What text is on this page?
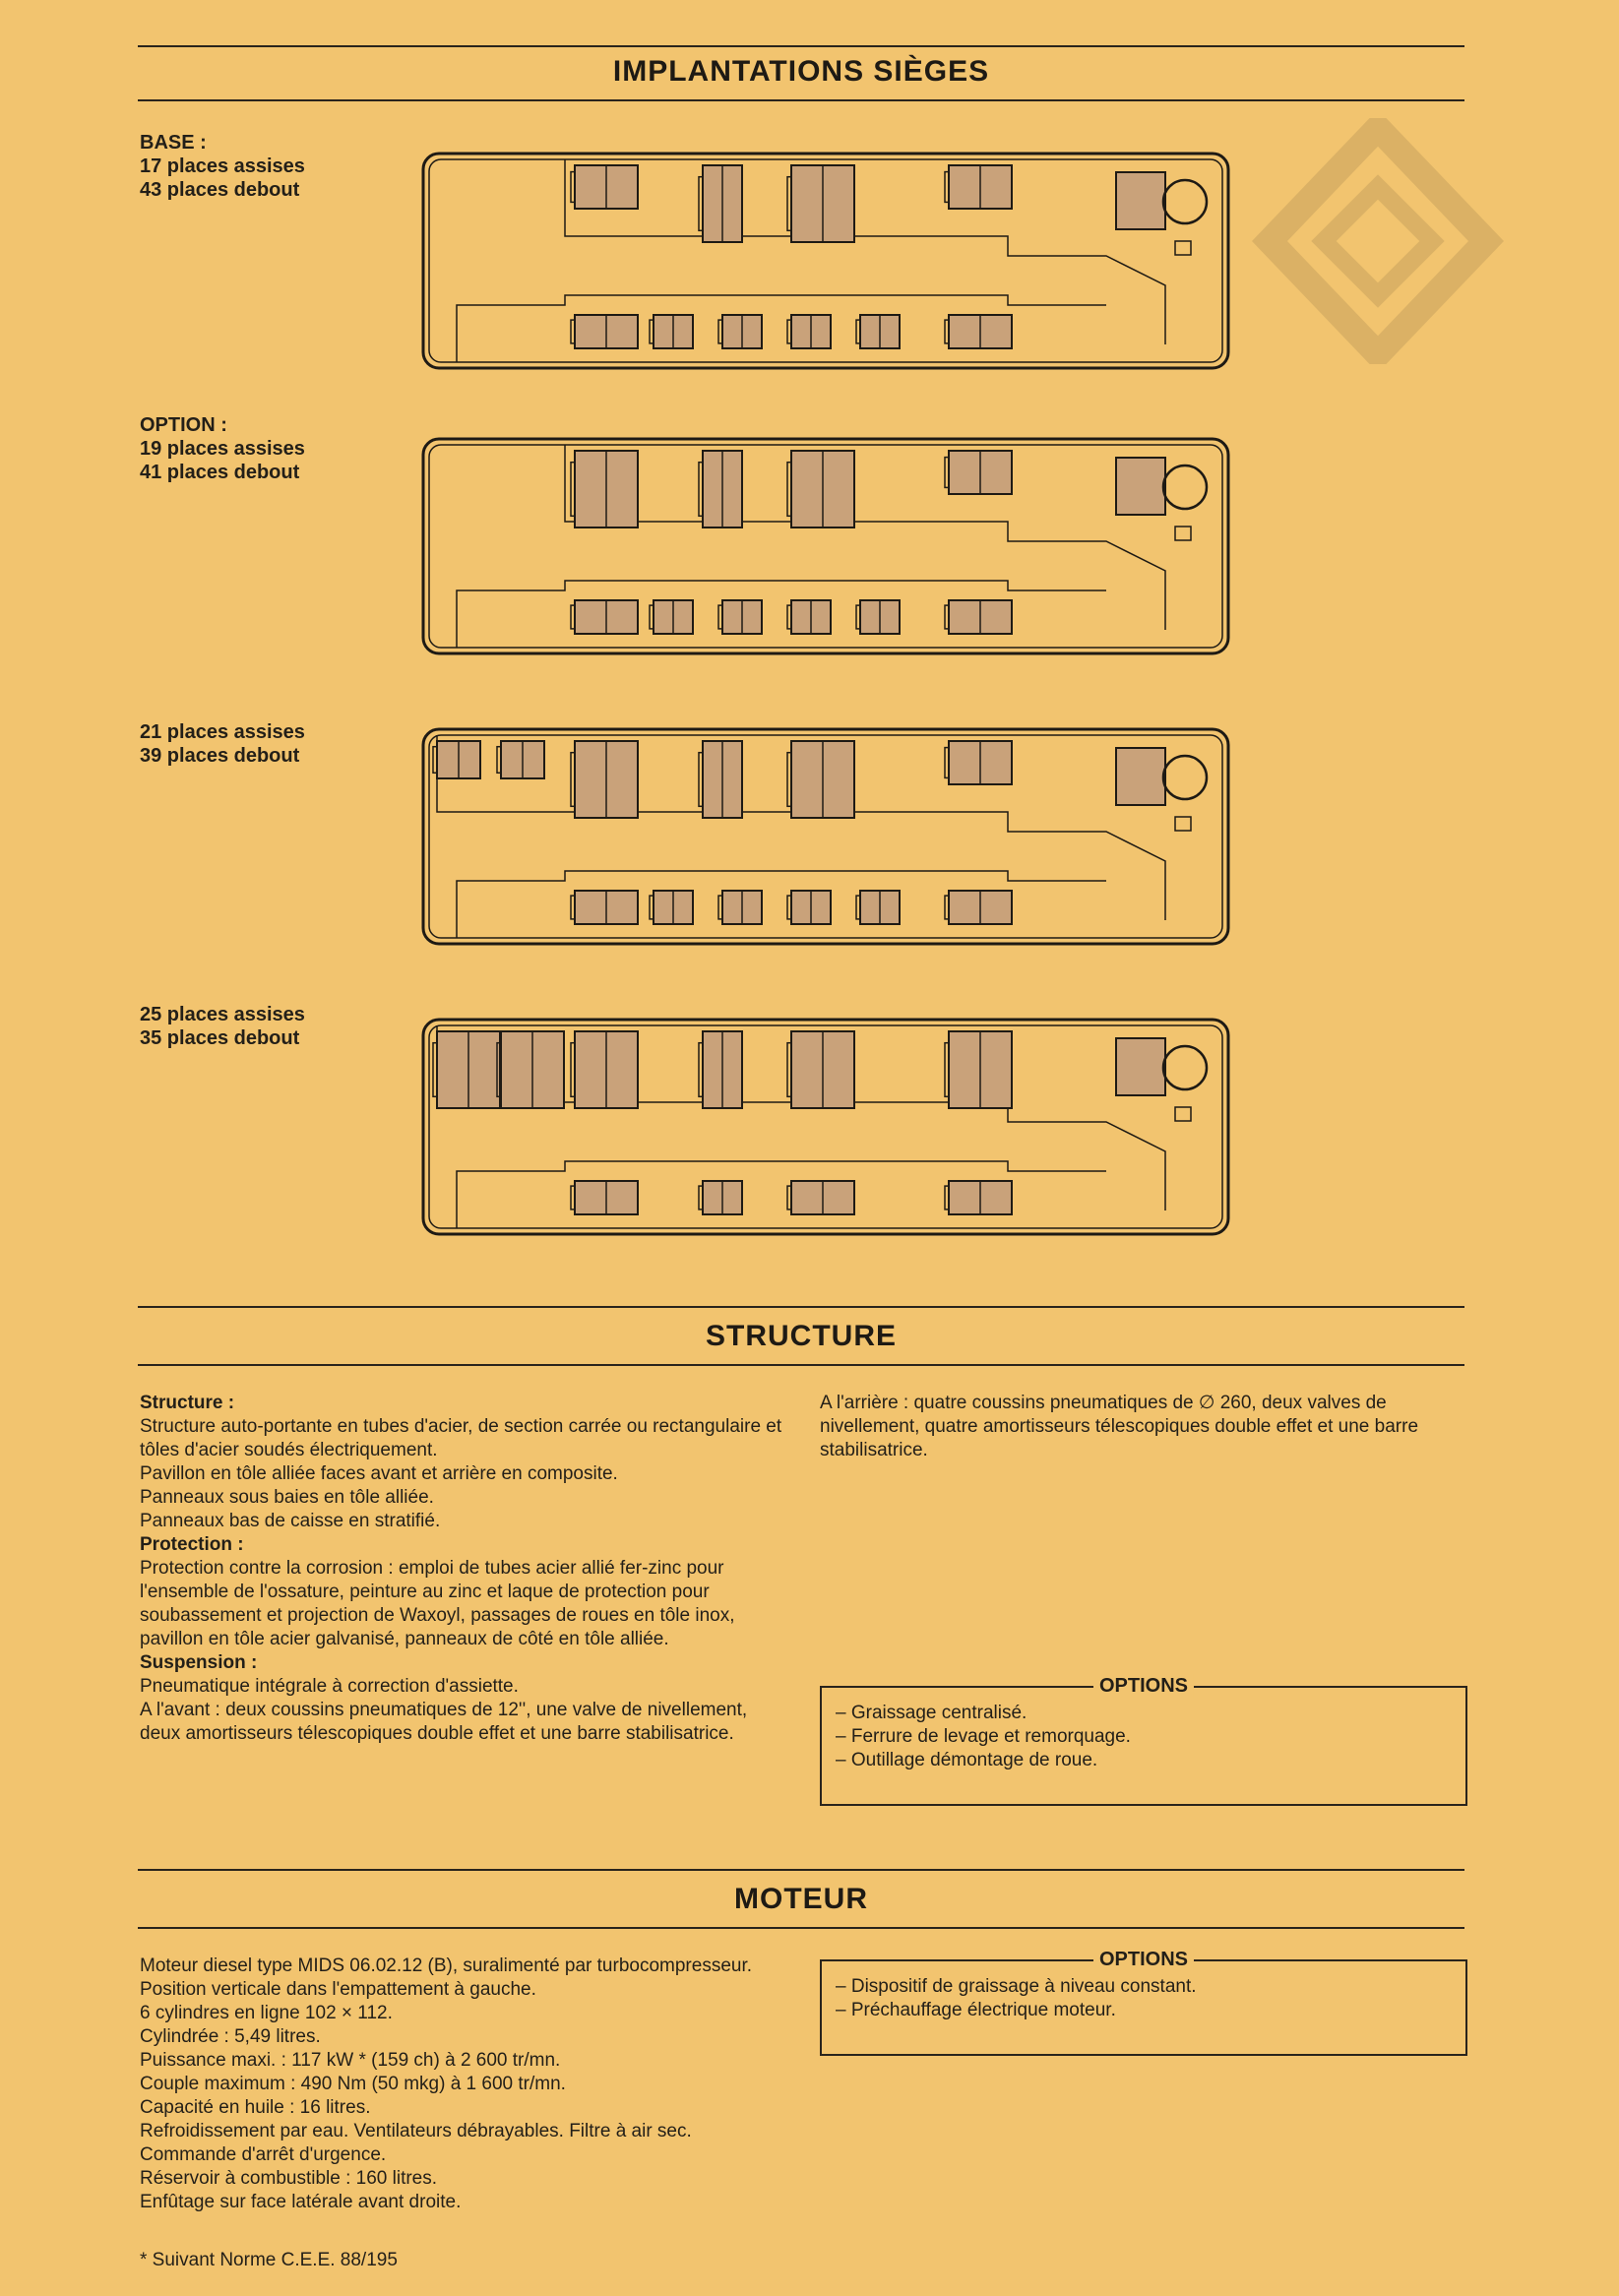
IMPLANTATIONS SIÈGES
BASE :
17 places assises
43 places debout
OPTION :
19 places assises
41 places debout
21 places assises
39 places debout
25 places assises
35 places debout
STRUCTURE

Structure :

Structure auto-portante en tubes d'acier, de section carrée ou rectangulaire et tôles d'acier soudés électriquement.

Pavillon en tôle alliée faces avant et arrière en composite.

Panneaux sous baies en tôle alliée.

Panneaux bas de caisse en stratifié.

Protection :

Protection contre la corrosion : emploi de tubes acier allié fer-zinc pour l'ensemble de l'ossature, peinture au zinc et laque de protection pour soubassement et projection de Waxoyl, passages de roues en tôle inox, pavillon en tôle acier galvanisé, panneaux de côté en tôle alliée.

Suspension :

Pneumatique intégrale à correction d'assiette.

A l'avant : deux coussins pneumatiques de 12'', une valve de nivellement, deux amortisseurs télescopiques double effet et une barre stabilisatrice.

A l'arrière : quatre coussins pneumatiques de ∅ 260, deux valves de nivellement, quatre amortisseurs télescopiques double effet et une barre stabilisatrice.

OPTIONS
– Graissage centralisé.
– Ferrure de levage et remorquage.
– Outillage démontage de roue.
MOTEUR

Moteur diesel type MIDS 06.02.12 (B), suralimenté par turbocompresseur.

Position verticale dans l'empattement à gauche.

6 cylindres en ligne 102 × 112.

Cylindrée : 5,49 litres.

Puissance maxi. : 117 kW * (159 ch) à 2 600 tr/mn.

Couple maximum : 490 Nm (50 mkg) à 1 600 tr/mn.

Capacité en huile : 16 litres.

Refroidissement par eau. Ventilateurs débrayables. Filtre à air sec.

Commande d'arrêt d'urgence.

Réservoir à combustible : 160 litres.

Enfûtage sur face latérale avant droite.

OPTIONS
– Dispositif de graissage à niveau constant.
– Préchauffage électrique moteur.

* Suivant Norme C.E.E. 88/195
